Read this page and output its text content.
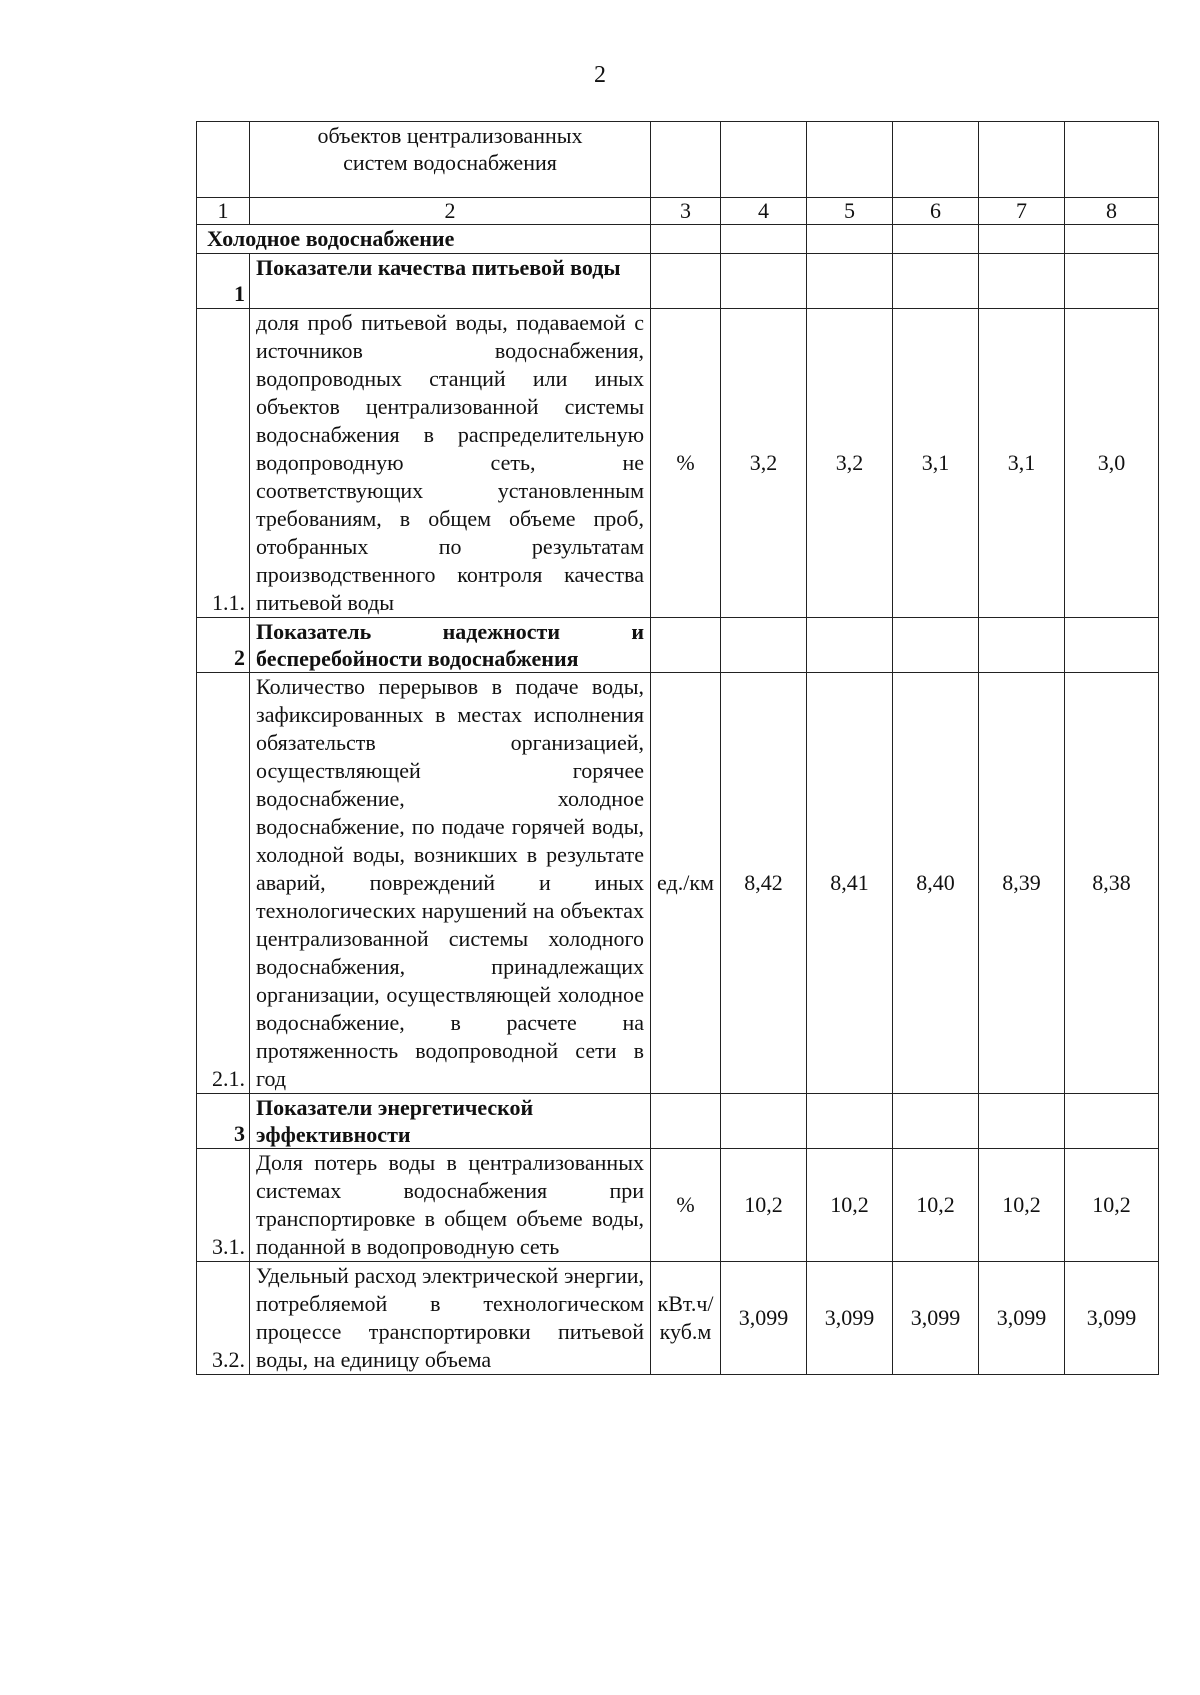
2

	объектов централизованных
систем водоснабжения						

1	2	3	4	5	6	7	8
Холодное водоснабжение							
1	Показатели качества питьевой воды						
1.1.	доля проб питьевой воды, подаваемой с источников водоснабжения, водопроводных станций или иных объектов централизованной системы водоснабжения в распределительную водопроводную сеть, не соответствующих установленным требованиям, в общем объеме проб, отобранных по результатам производственного контроля качества питьевой воды	%	3,2	3,2	3,1	3,1	3,0
2	Показатель надежности и бесперебойности водоснабжения						
2.1.	Количество перерывов в подаче воды, зафиксированных в местах исполнения обязательств организацией, осуществляющей горячее водоснабжение, холодное водоснабжение, по подаче горячей воды, холодной воды, возникших в результате аварий, повреждений и иных технологических нарушений на объектах централизованной системы холодного водоснабжения, принадлежащих организации, осуществляющей холодное водоснабжение, в расчете на протяженность водопроводной сети в год	ед./км	8,42	8,41	8,40	8,39	8,38
3	Показатели энергетической эффективности						
3.1.	Доля потерь воды в централизованных системах водоснабжения при транспортировке в общем объеме воды, поданной в водопроводную сеть	%	10,2	10,2	10,2	10,2	10,2
3.2.	Удельный расход электрической энергии, потребляемой в технологическом процессе транспортировки питьевой воды, на единицу объема	кВт.ч/куб.м	3,099	3,099	3,099	3,099	3,099
